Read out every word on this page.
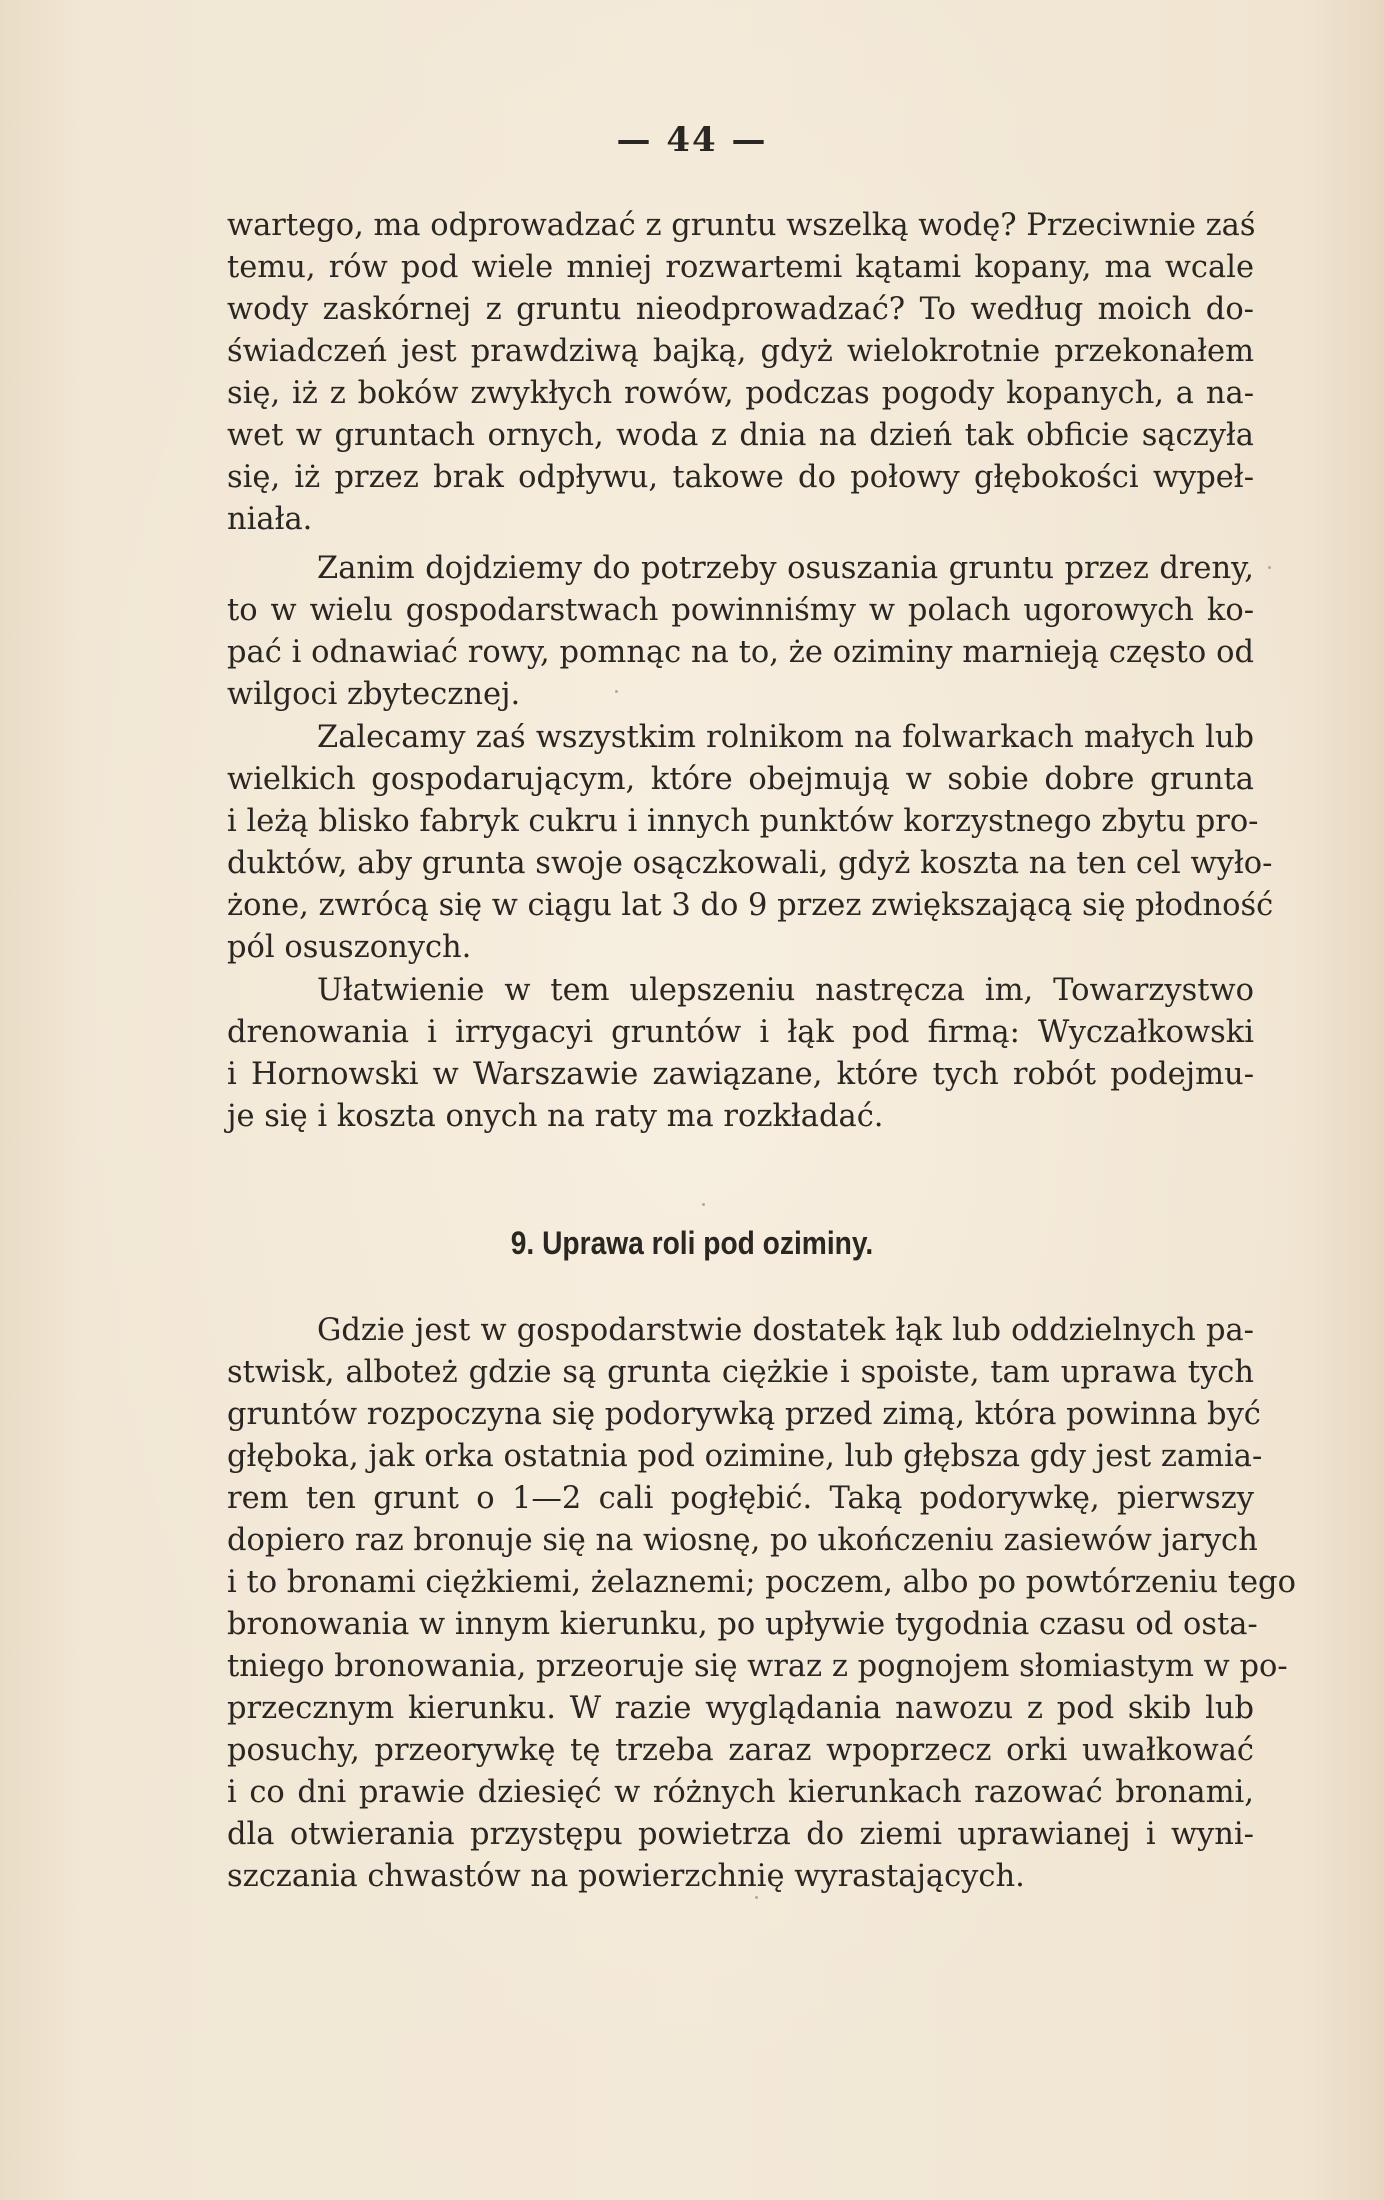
— 44 —
wartego, ma odprowadzać z gruntu wszelką wodę? Przeciwnie zaś
temu, rów pod wiele mniej rozwartemi kątami kopany, ma wcale
wody zaskórnej z gruntu nieodprowadzać? To według moich do-
świadczeń jest prawdziwą bajką, gdyż wielokrotnie przekonałem
się, iż z boków zwykłych rowów, podczas pogody kopanych, a na-
wet w gruntach ornych, woda z dnia na dzień tak obficie sączyła
się, iż przez brak odpływu, takowe do połowy głębokości wypeł-
niała.
Zanim dojdziemy do potrzeby osuszania gruntu przez dreny,
to w wielu gospodarstwach powinniśmy w polach ugorowych ko-
pać i odnawiać rowy, pomnąc na to, że oziminy marnieją często od
wilgoci zbytecznej.
Zalecamy zaś wszystkim rolnikom na folwarkach małych lub
wielkich gospodarującym, które obejmują w sobie dobre grunta
i leżą blisko fabryk cukru i innych punktów korzystnego zbytu pro-
duktów, aby grunta swoje osączkowali, gdyż koszta na ten cel wyło-
żone, zwrócą się w ciągu lat 3 do 9 przez zwiększającą się płodność
pól osuszonych.
Ułatwienie w tem ulepszeniu nastręcza im, Towarzystwo
drenowania i irrygacyi gruntów i łąk pod firmą: Wyczałkowski
i Hornowski w Warszawie zawiązane, które tych robót podejmu-
je się i koszta onych na raty ma rozkładać.
9. Uprawa roli pod oziminy.
Gdzie jest w gospodarstwie dostatek łąk lub oddzielnych pa-
stwisk, alboteż gdzie są grunta ciężkie i spoiste, tam uprawa tych
gruntów rozpoczyna się podorywką przed zimą, która powinna być
głęboka, jak orka ostatnia pod ozimine, lub głębsza gdy jest zamia-
rem ten grunt o 1—2 cali pogłębić. Taką podorywkę, pierwszy
dopiero raz bronuje się na wiosnę, po ukończeniu zasiewów jarych
i to bronami ciężkiemi, żelaznemi; poczem, albo po powtórzeniu tego
bronowania w innym kierunku, po upływie tygodnia czasu od osta-
tniego bronowania, przeoruje się wraz z pognojem słomiastym w po-
przecznym kierunku. W razie wyglądania nawozu z pod skib lub
posuchy, przeorywkę tę trzeba zaraz wpoprzecz orki uwałkować
i co dni prawie dziesięć w różnych kierunkach razować bronami,
dla otwierania przystępu powietrza do ziemi uprawianej i wyni-
szczania chwastów na powierzchnię wyrastających.
